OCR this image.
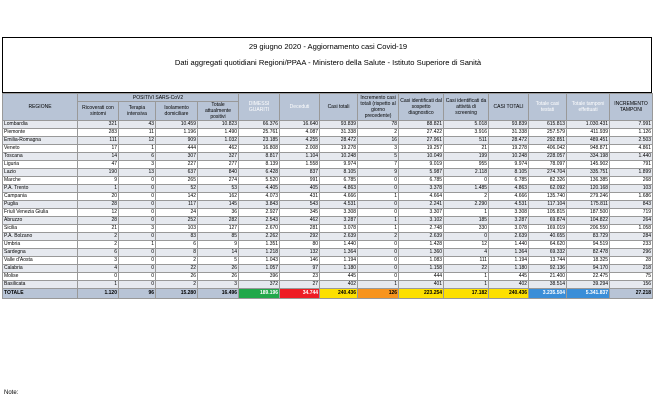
29 giugno 2020 - Aggiornamento casi Covid-19
Dati aggregati quotidiani Regioni/PPAA - Ministero della Salute - Istituto Superiore di Sanità
REGIONE	POSITIVI SARS-CoV2				DIMESSI GUARITI	Deceduti	Casi totali	Incremento casi totali (rispetto al giorno precedente)	Casi identificati dal sospetto diagnostico	Casi identificati da attività di screening	CASI TOTALI	Totale casi testati	Totale tamponi effettuati	INCREMENTO TAMPONI
	Ricoverati con sintomi	Terapia intensiva	Isolamento domiciliare	Totale attualmente positivi										
Lombardia	321	43	10.459	10.823	66.376	16.640	93.839	78	88.821	5.018	93.839	615.813	1.030.431	7.991
Piemonte	283	11	1.196	1.490	25.761	4.087	31.338	2	27.422	3.916	31.338	257.579	411.939	1.126
Emilia-Romagna	111	12	909	1.032	23.185	4.255	28.472	16	27.961	511	28.472	292.851	489.451	2.503
Veneto	17	1	444	462	16.808	2.008	19.278	3	19.257	21	19.278	406.042	948.871	4.861
Toscana	14	6	307	327	8.817	1.104	10.248	5	10.049	199	10.248	228.057	334.198	1.440
Liguria	47	3	227	277	8.139	1.558	9.974	7	9.019	955	9.974	78.097	145.902	791
Lazio	190	13	637	840	6.428	837	8.105	9	5.987	2.118	8.105	274.704	335.751	1.899
Marche	9	0	265	274	5.520	991	6.785	0	6.785	0	6.785	82.326	136.385	268
P.A. Trento	1	0	52	53	4.405	405	4.863	0	3.378	1.485	4.863	62.092	120.168	103
Campania	20	0	142	162	4.073	431	4.666	1	4.664	2	4.666	135.740	279.246	1.686
Puglia	28	0	117	145	3.843	543	4.531	0	2.241	2.290	4.531	117.104	175.811	843
Friuli Venezia Giulia	12	0	24	36	2.927	345	3.308	0	3.307	1	3.308	105.815	187.500	719
Abruzzo	28	0	252	282	2.543	462	3.287	1	3.102	185	3.287	69.874	104.822	264
Sicilia	21	3	103	127	2.670	281	3.078	1	2.748	330	3.078	169.019	206.550	1.058
P.A. Bolzano	2	0	83	85	2.262	292	2.639	2	2.639	0	2.639	40.655	83.729	284
Umbria	2	1	6	9	1.351	80	1.440	0	1.428	12	1.440	64.620	94.519	233
Sardegna	6	0	8	14	1.218	132	1.364	0	1.360	4	1.364	69.332	82.478	296
Valle d'Aosta	3	0	2	5	1.043	146	1.194	0	1.083	111	1.194	13.744	18.325	28
Calabria	4	0	22	26	1.057	97	1.180	0	1.158	22	1.180	92.136	94.170	218
Molise	0	0	26	26	396	23	445	0	444	1	445	21.400	22.475	75
Basilicata	1	0	2	3	372	27	402	1	401	1	402	38.514	39.294	156
TOTALE	1.120	96	15.280	16.496	189.196	34.744	240.436	126	223.254	17.182	240.436	3.235.504	5.341.837	27.218
Note:
